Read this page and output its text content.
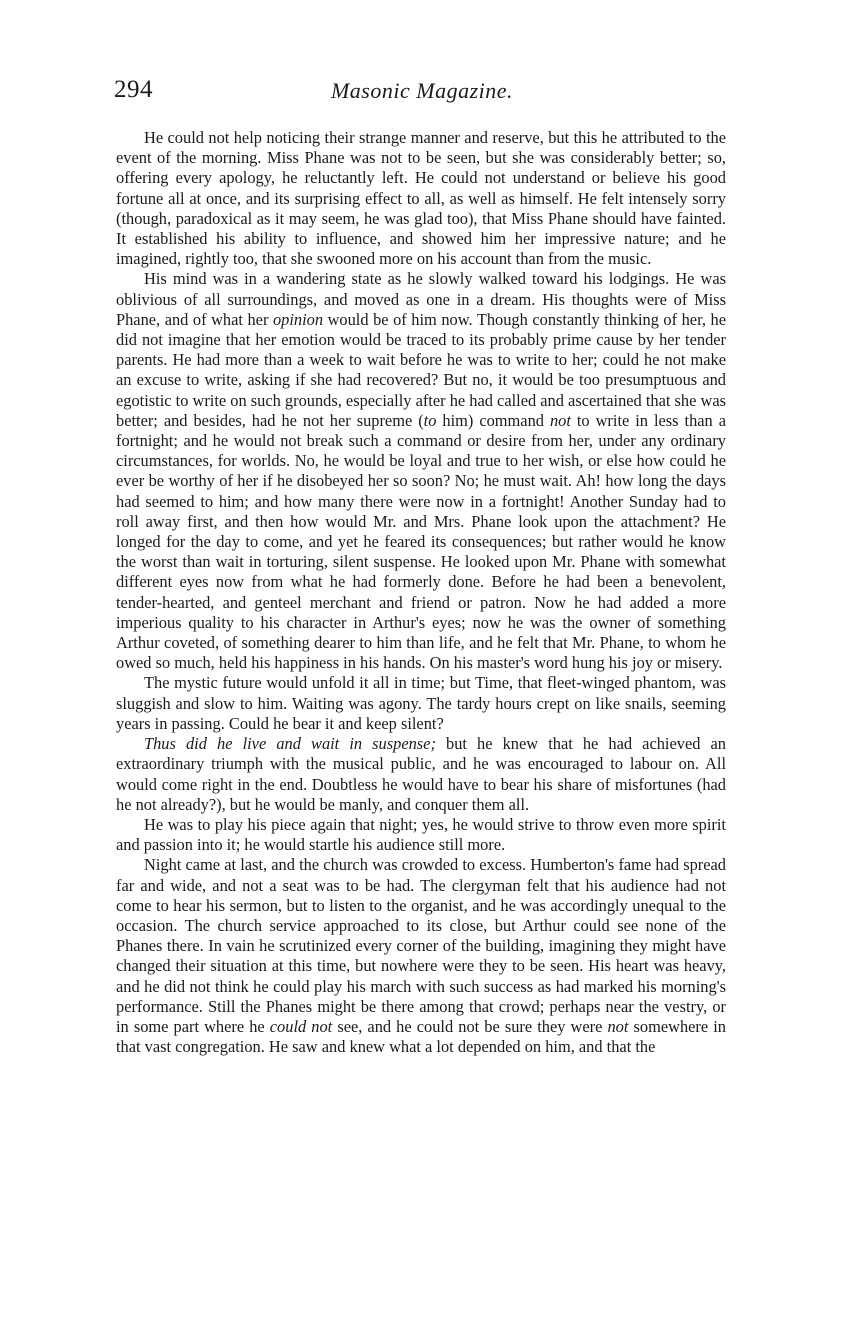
294	Masonic Magazine.

He could not help noticing their strange manner and reserve, but this he attributed to the event of the morning. Miss Phane was not to be seen, but she was considerably better; so, offering every apology, he reluctantly left. He could not understand or believe his good fortune all at once, and its surprising effect to all, as well as himself. He felt intensely sorry (though, paradoxical as it may seem, he was glad too), that Miss Phane should have fainted. It established his ability to influence, and showed him her impressive nature; and he imagined, rightly too, that she swooned more on his account than from the music.

His mind was in a wandering state as he slowly walked toward his lodgings. He was oblivious of all surroundings, and moved as one in a dream. His thoughts were of Miss Phane, and of what her opinion would be of him now. Though constantly thinking of her, he did not imagine that her emotion would be traced to its probably prime cause by her tender parents. He had more than a week to wait before he was to write to her; could he not make an excuse to write, asking if she had recovered? But no, it would be too presumptuous and egotistic to write on such grounds, especially after he had called and ascertained that she was better; and besides, had he not her supreme (to him) command not to write in less than a fortnight; and he would not break such a command or desire from her, under any ordinary circumstances, for worlds. No, he would be loyal and true to her wish, or else how could he ever be worthy of her if he disobeyed her so soon? No; he must wait. Ah! how long the days had seemed to him; and how many there were now in a fortnight! Another Sunday had to roll away first, and then how would Mr. and Mrs. Phane look upon the attachment? He longed for the day to come, and yet he feared its consequences; but rather would he know the worst than wait in torturing, silent suspense. He looked upon Mr. Phane with somewhat different eyes now from what he had formerly done. Before he had been a benevolent, tender-hearted, and genteel merchant and friend or patron. Now he had added a more imperious quality to his character in Arthur's eyes; now he was the owner of something Arthur coveted, of something dearer to him than life, and he felt that Mr. Phane, to whom he owed so much, held his happiness in his hands. On his master's word hung his joy or misery.

The mystic future would unfold it all in time; but Time, that fleet-winged phantom, was sluggish and slow to him. Waiting was agony. The tardy hours crept on like snails, seeming years in passing. Could he bear it and keep silent?

Thus did he live and wait in suspense; but he knew that he had achieved an extraordinary triumph with the musical public, and he was encouraged to labour on. All would come right in the end. Doubtless he would have to bear his share of misfortunes (had he not already?), but he would be manly, and conquer them all.

He was to play his piece again that night; yes, he would strive to throw even more spirit and passion into it; he would startle his audience still more.

Night came at last, and the church was crowded to excess. Humberton's fame had spread far and wide, and not a seat was to be had. The clergyman felt that his audience had not come to hear his sermon, but to listen to the organist, and he was accordingly unequal to the occasion. The church service approached to its close, but Arthur could see none of the Phanes there. In vain he scrutinized every corner of the building, imagining they might have changed their situation at this time, but nowhere were they to be seen. His heart was heavy, and he did not think he could play his march with such success as had marked his morning's performance. Still the Phanes might be there among that crowd; perhaps near the vestry, or in some part where he could not see, and he could not be sure they were not somewhere in that vast congregation. He saw and knew what a lot depended on him, and that the
